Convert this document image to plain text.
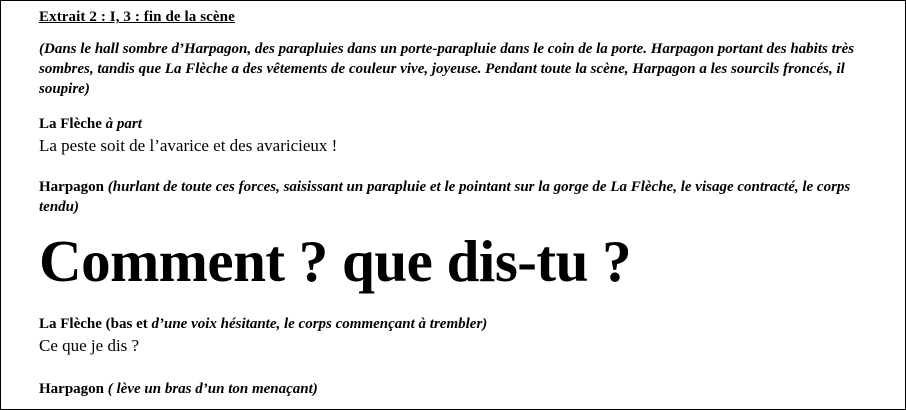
Extrait 2 : I, 3 : fin de la scène
(Dans le hall sombre d’Harpagon, des parapluies dans un porte-parapluie dans le coin de la porte. Harpagon portant des habits très sombres, tandis que La Flèche a des vêtements de couleur vive, joyeuse. Pendant toute la scène, Harpagon a les sourcils froncés, il soupire)

La Flèche à part

La peste soit de l’avarice et des avaricieux !

Harpagon (hurlant de toute ces forces, saisissant un parapluie et le pointant sur la gorge de La Flèche, le visage contracté, le corps tendu)

Comment ? que dis-tu ?

La Flèche (bas et d’une voix hésitante, le corps commençant à trembler)

Ce que je dis ?

Harpagon ( lève un bras d’un ton menaçant)
